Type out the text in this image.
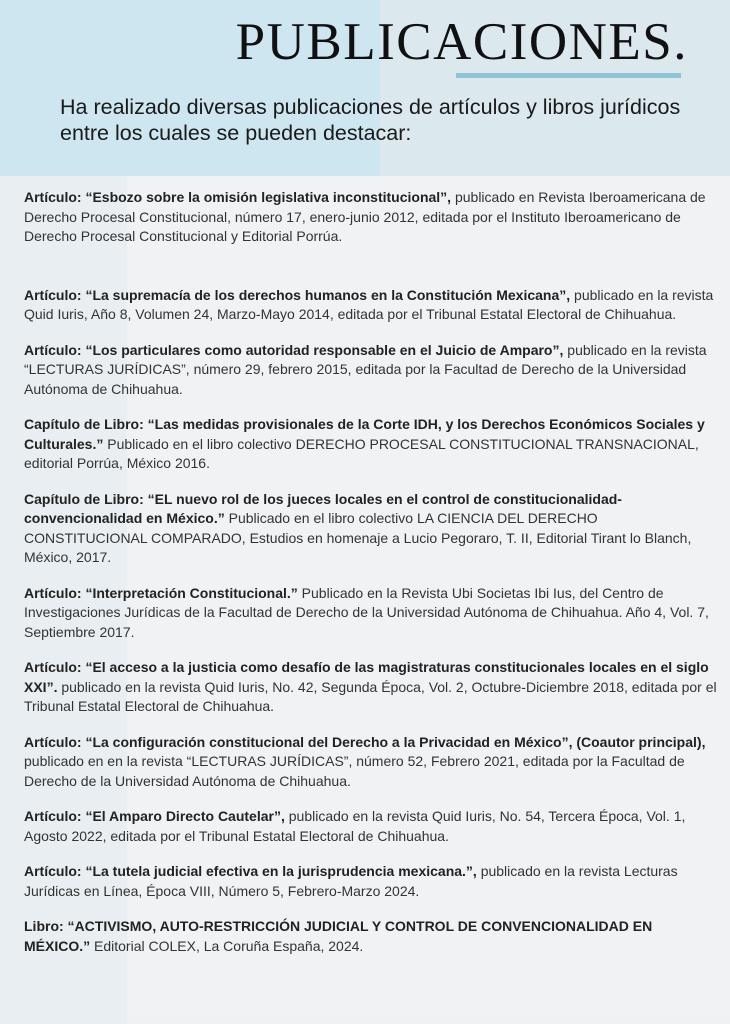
PUBLICACIONES.

Ha realizado diversas publicaciones de artículos y libros jurídicos entre los cuales se pueden destacar:

Artículo: “Esbozo sobre la omisión legislativa inconstitucional”, publicado en Revista Iberoamericana de Derecho Procesal Constitucional, número 17, enero-junio 2012, editada por el Instituto Iberoamericano de Derecho Procesal Constitucional y Editorial Porrúa.
Artículo: “La supremacía de los derechos humanos en la Constitución Mexicana”, publicado en la revista Quid Iuris, Año 8, Volumen 24, Marzo-Mayo 2014, editada por el Tribunal Estatal Electoral de Chihuahua.
Artículo: “Los particulares como autoridad responsable en el Juicio de Amparo”, publicado en la revista “LECTURAS JURÍDICAS”, número 29, febrero 2015, editada por la Facultad de Derecho de la Universidad Autónoma de Chihuahua.
Capítulo de Libro: “Las medidas provisionales de la Corte IDH, y los Derechos Económicos Sociales y Culturales.” Publicado en el libro colectivo DERECHO PROCESAL CONSTITUCIONAL TRANSNACIONAL, editorial Porrúa, México 2016.
Capítulo de Libro: “EL nuevo rol de los jueces locales en el control de constitucionalidad-convencionalidad en México.” Publicado en el libro colectivo LA CIENCIA DEL DERECHO CONSTITUCIONAL COMPARADO, Estudios en homenaje a Lucio Pegoraro, T. II, Editorial Tirant lo Blanch, México, 2017.
Artículo: “Interpretación Constitucional.” Publicado en la Revista Ubi Societas Ibi Ius, del Centro de Investigaciones Jurídicas de la Facultad de Derecho de la Universidad Autónoma de Chihuahua. Año 4, Vol. 7, Septiembre 2017.
Artículo: “El acceso a la justicia como desafío de las magistraturas constitucionales locales en el siglo XXI”. publicado en la revista Quid Iuris, No. 42, Segunda Época, Vol. 2, Octubre-Diciembre 2018, editada por el Tribunal Estatal Electoral de Chihuahua.
Artículo: “La configuración constitucional del Derecho a la Privacidad en México”, (Coautor principal), publicado en en la revista “LECTURAS JURÍDICAS”, número 52, Febrero 2021, editada por la Facultad de Derecho de la Universidad Autónoma de Chihuahua.
Artículo: “El Amparo Directo Cautelar”, publicado en la revista Quid Iuris, No. 54, Tercera Época, Vol. 1, Agosto 2022, editada por el Tribunal Estatal Electoral de Chihuahua.
Artículo: “La tutela judicial efectiva en la jurisprudencia mexicana.”, publicado en la revista Lecturas Jurídicas en Línea, Época VIII, Número 5, Febrero-Marzo 2024.
Libro: “ACTIVISMO, AUTO-RESTRICCIÓN JUDICIAL Y CONTROL DE CONVENCIONALIDAD EN MÉXICO.” Editorial COLEX, La Coruña España, 2024.
